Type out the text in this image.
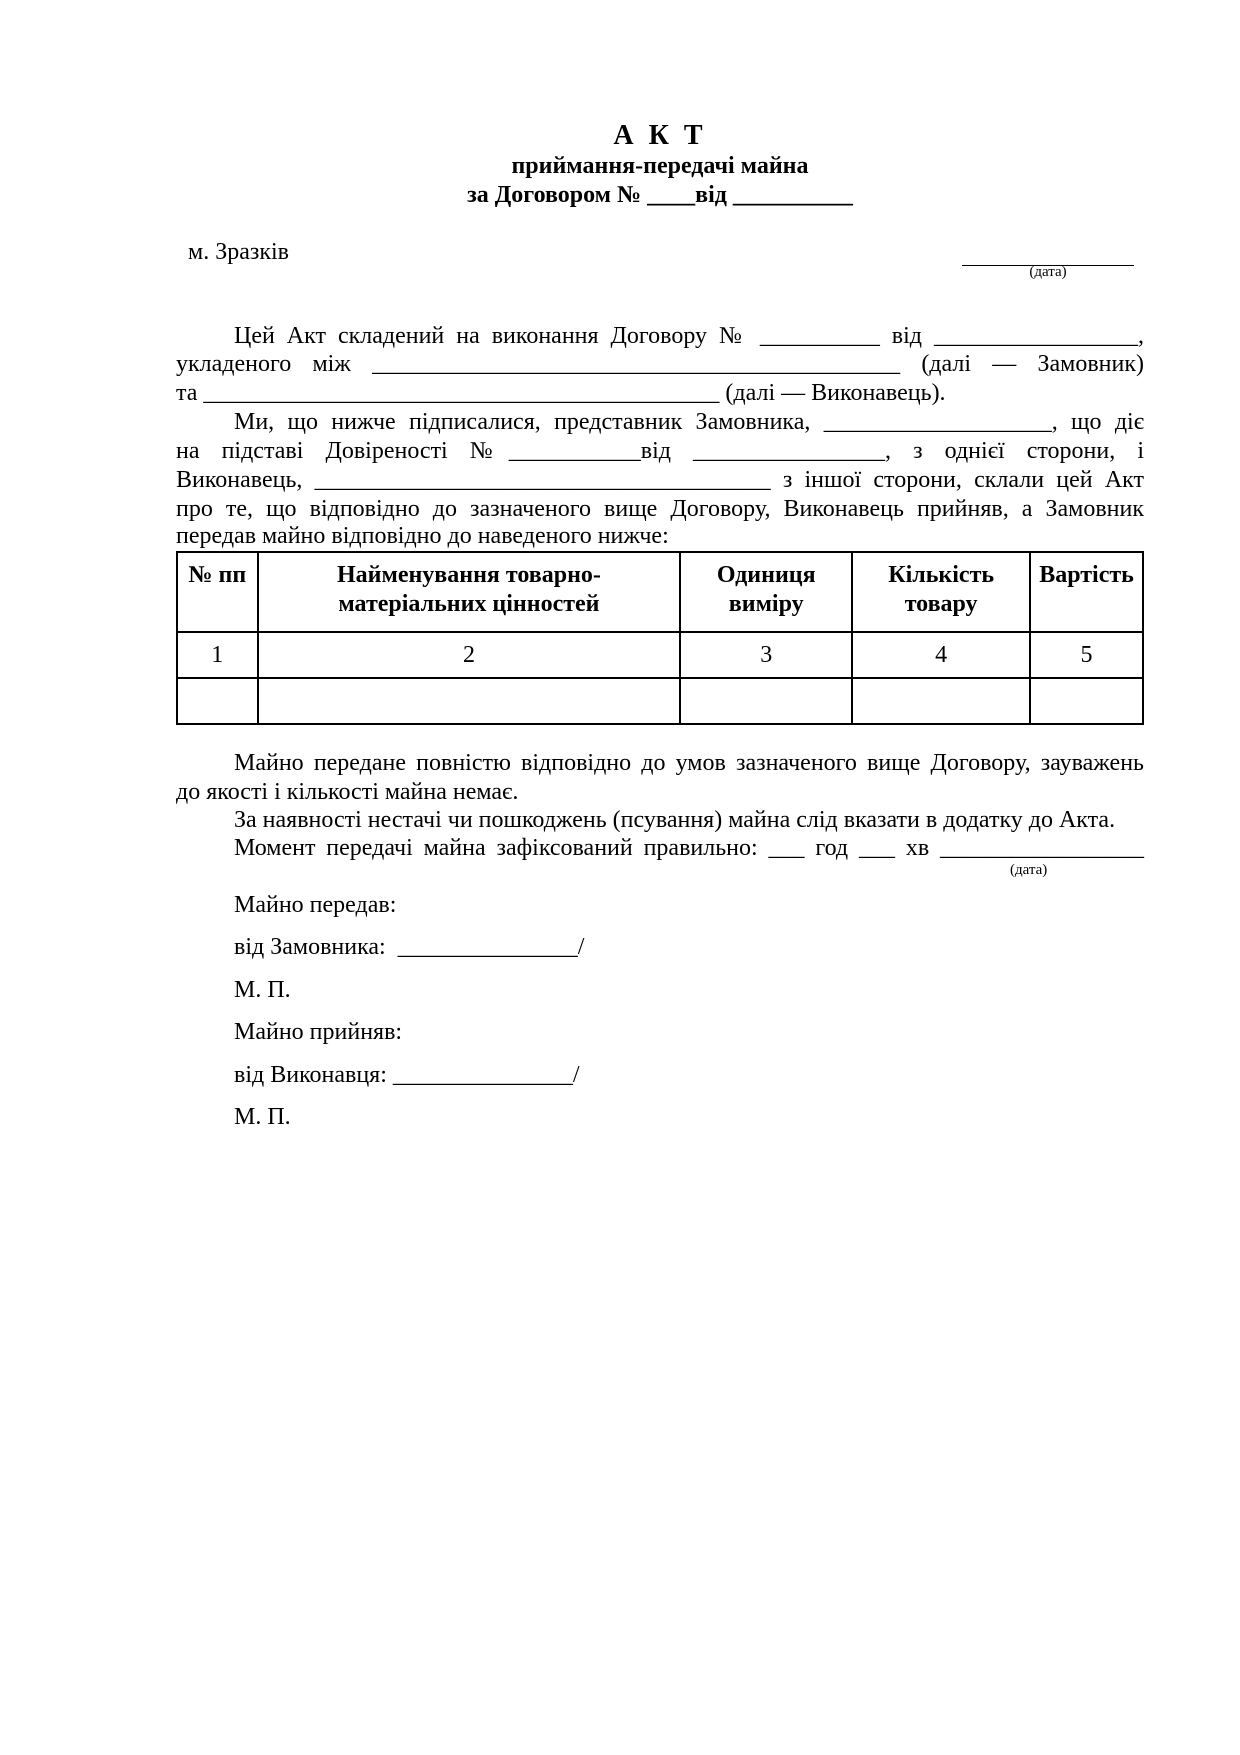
А К Т
приймання-передачі майна
за Договором № ____від __________
м. Зразків
(дата)
Цей Акт складений на виконання Договору № __________ від _________________,
укладеного між ____________________________________________ (далі — Замовник)
та ___________________________________________ (далі — Виконавець).
Ми, що нижче підписалися, представник Замовника, ___________________, що діє
на підставі Довіреності №___________від ________________, з однієї сторони, і
Виконавець, ______________________________________ з іншої сторони, склали цей Акт
про те, що відповідно до зазначеного вище Договору, Виконавець прийняв, а Замовник
передав майно відповідно до наведеного нижче:
№ пп	Найменування товарно-матеріальних цінностей	Одиниця виміру	Кількість товару	Вартість
1	2	3	4	5

Майно передане повністю відповідно до умов зазначеного вище Договору, зауважень
до якості і кількості майна немає.
За наявності нестачі чи пошкоджень (псування) майна слід вказати в додатку до Акта.
Момент передачі майна зафіксований правильно: ___ год ___ хв _________________
(дата)
Майно передав:
від Замовника:  _______________/
М. П.
Майно прийняв:
від Виконавця: _______________/
М. П.
